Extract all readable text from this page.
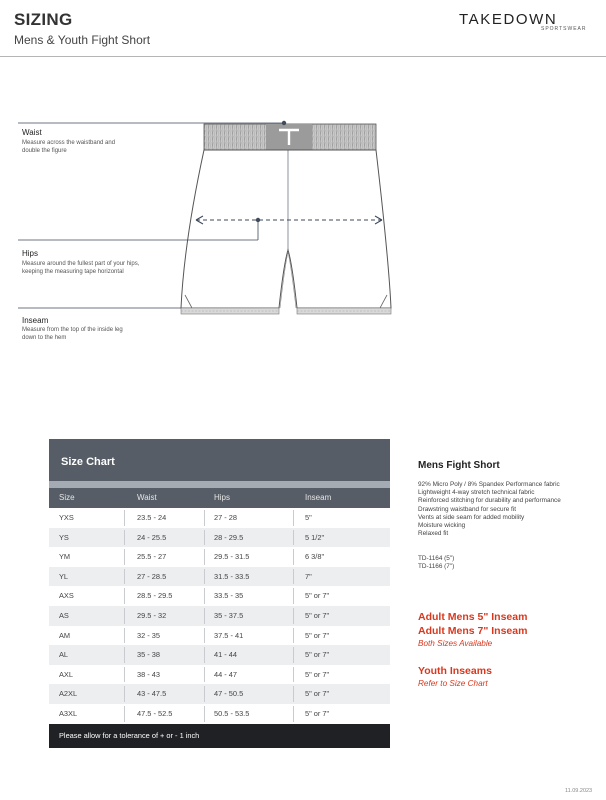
SIZING
Mens & Youth Fight Short
TAKEDOWN
SPORTSWEAR
Waist
Measure across the waistband and double the figure
Hips
Measure around the fullest part of your hips, keeping the measuring tape horizontal
Inseam
Measure from the top of the inside leg down to the hem
Size Chart
Size	Waist	Hips	Inseam
YXS	23.5 - 24	27 - 28	5"
YS	24 - 25.5	28 - 29.5	5 1/2"
YM	25.5 - 27	29.5 - 31.5	6 3/8"
YL	27 - 28.5	31.5 - 33.5	7"
AXS	28.5 - 29.5	33.5 - 35	5" or 7"
AS	29.5 - 32	35 - 37.5	5" or 7"
AM	32 - 35	37.5 - 41	5" or 7"
AL	35 - 38	41 - 44	5" or 7"
AXL	38 - 43	44 - 47	5" or 7"
A2XL	43 - 47.5	47 - 50.5	5" or 7"
A3XL	47.5 - 52.5	50.5 - 53.5	5" or 7"
Please allow for a tolerance of + or - 1 inch
Mens Fight Short
92% Micro Poly / 8% Spandex Performance fabric
Lightweight 4-way stretch technical fabric
Reinforced stitching for durability and performance
Drawstring waistband for secure fit
Vents at side seam for added mobility
Moisture wicking
Relaxed fit
TD-1164 (5")
TD-1166 (7")
Adult Mens 5" Inseam
Adult Mens 7" Inseam
Both Sizes Available
Youth Inseams
Refer to Size Chart
11.09.2023
